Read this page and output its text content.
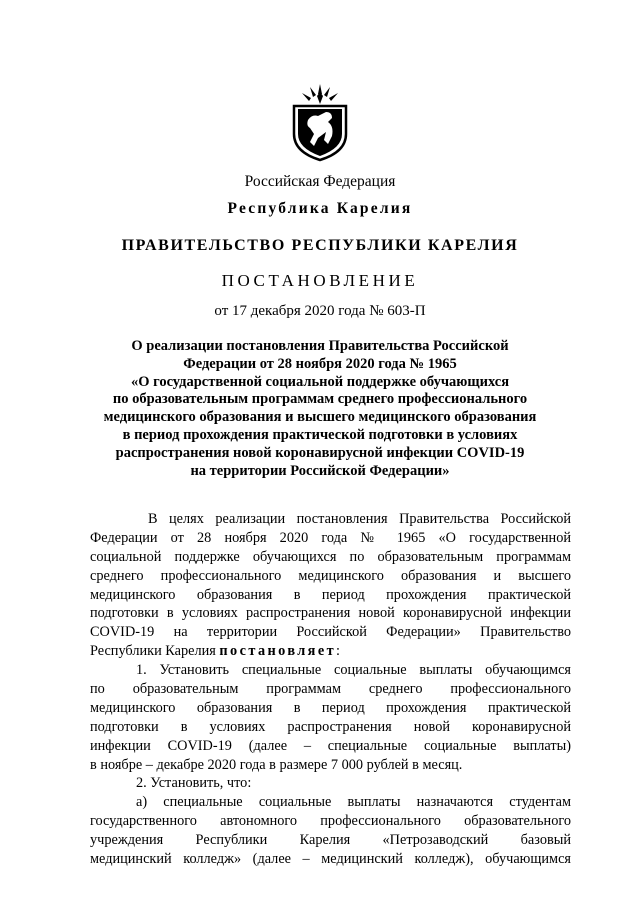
Российская Федерация
Республика Карелия
ПРАВИТЕЛЬСТВО РЕСПУБЛИКИ КАРЕЛИЯ
ПОСТАНОВЛЕНИЕ
от 17 декабря 2020 года № 603-П
О реализации постановления Правительства Российской
Федерации от 28 ноября 2020 года № 1965
«О государственной социальной поддержке обучающихся
по образовательным программам среднего профессионального
медицинского образования и высшего медицинского образования
в период прохождения практической подготовки в условиях
распространения новой коронавирусной инфекции COVID-19
на территории Российской Федерации»
В целях реализации постановления Правительства Российской
Федерации от 28 ноября 2020 года № 1965 «О государственной
социальной поддержке обучающихся по образовательным программам
среднего профессионального медицинского образования и высшего
медицинского образования в период прохождения практической
подготовки в условиях распространения новой коронавирусной инфекции
COVID-19 на территории Российской Федерации» Правительство
Республики Карелия постановляет:
1. Установить специальные социальные выплаты обучающимся
по образовательным программам среднего профессионального
медицинского образования в период прохождения практической
подготовки в условиях распространения новой коронавирусной
инфекции COVID-19 (далее – специальные социальные выплаты)
в ноябре – декабре 2020 года в размере 7 000 рублей в месяц.
2. Установить, что:
а) специальные социальные выплаты назначаются студентам
государственного автономного профессионального образовательного
учреждения Республики Карелия «Петрозаводский базовый
медицинский колледж» (далее – медицинский колледж), обучающимся
